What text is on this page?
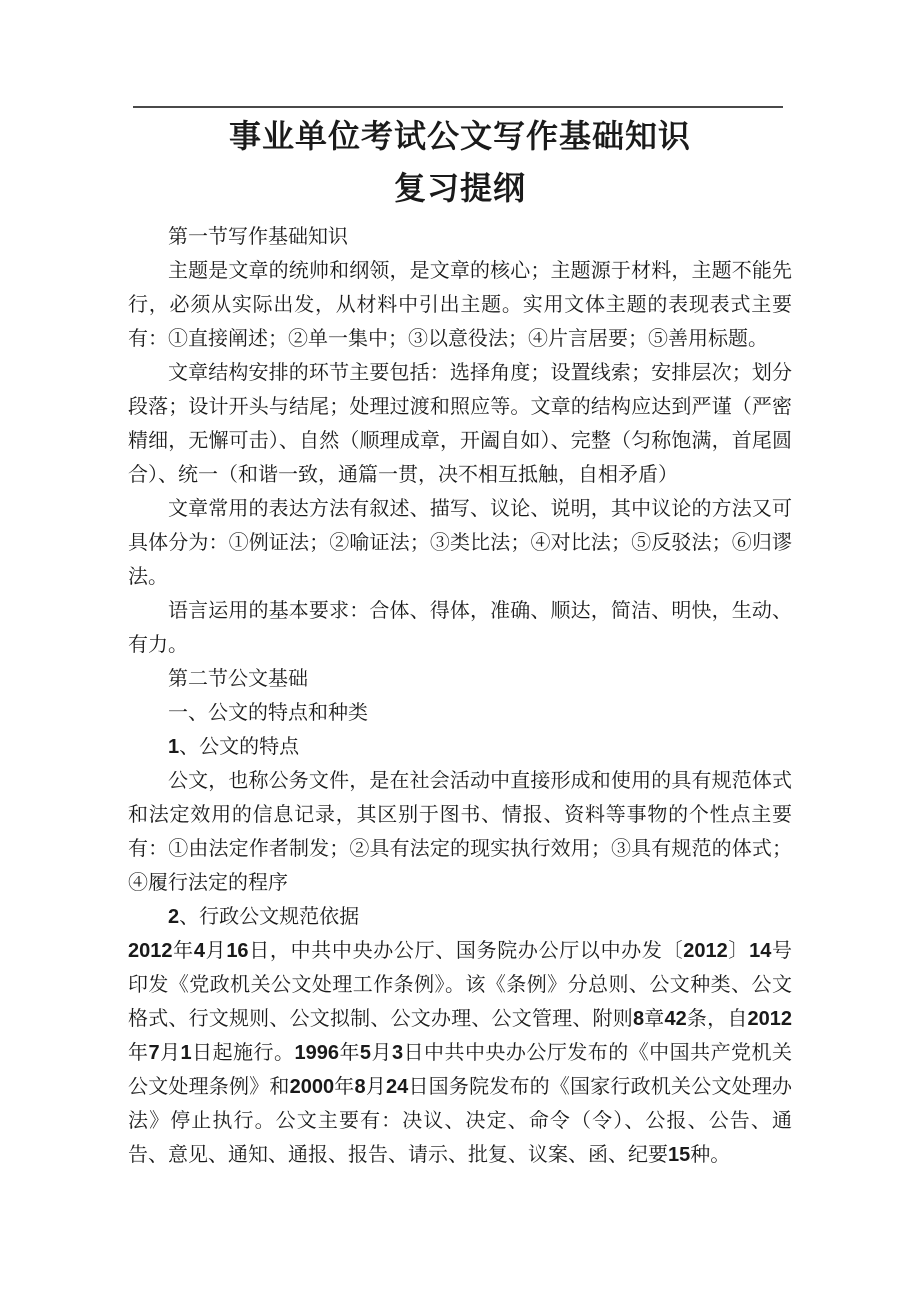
事业单位考试公文写作基础知识
复习提纲

第一节写作基础知识

主题是文章的统帅和纲领，是文章的核心；主题源于材料，主题不能先行，必须从实际出发，从材料中引出主题。实用文体主题的表现表式主要有：①直接阐述；②单一集中；③以意役法；④片言居要；⑤善用标题。

文章结构安排的环节主要包括：选择角度；设置线索；安排层次；划分段落；设计开头与结尾；处理过渡和照应等。文章的结构应达到严谨（严密精细，无懈可击）、自然（顺理成章，开阖自如）、完整（匀称饱满，首尾圆合）、统一（和谐一致，通篇一贯，决不相互抵触，自相矛盾）

文章常用的表达方法有叙述、描写、议论、说明，其中议论的方法又可具体分为：①例证法；②喻证法；③类比法；④对比法；⑤反驳法；⑥归谬法。

语言运用的基本要求：合体、得体，准确、顺达，简洁、明快，生动、有力。

第二节公文基础

一、公文的特点和种类

1、公文的特点

公文，也称公务文件，是在社会活动中直接形成和使用的具有规范体式和法定效用的信息记录，其区别于图书、情报、资料等事物的个性点主要有：①由法定作者制发；②具有法定的现实执行效用；③具有规范的体式；④履行法定的程序

2、行政公文规范依据

2012年4月16日，中共中央办公厅、国务院办公厅以中办发〔2012〕14号印发《党政机关公文处理工作条例》。该《条例》分总则、公文种类、公文格式、行文规则、公文拟制、公文办理、公文管理、附则8章42条，自2012年7月1日起施行。1996年5月3日中共中央办公厅发布的《中国共产党机关公文处理条例》和2000年8月24日国务院发布的《国家行政机关公文处理办法》停止执行。公文主要有：决议、决定、命令（令）、公报、公告、通告、意见、通知、通报、报告、请示、批复、议案、函、纪要15种。
